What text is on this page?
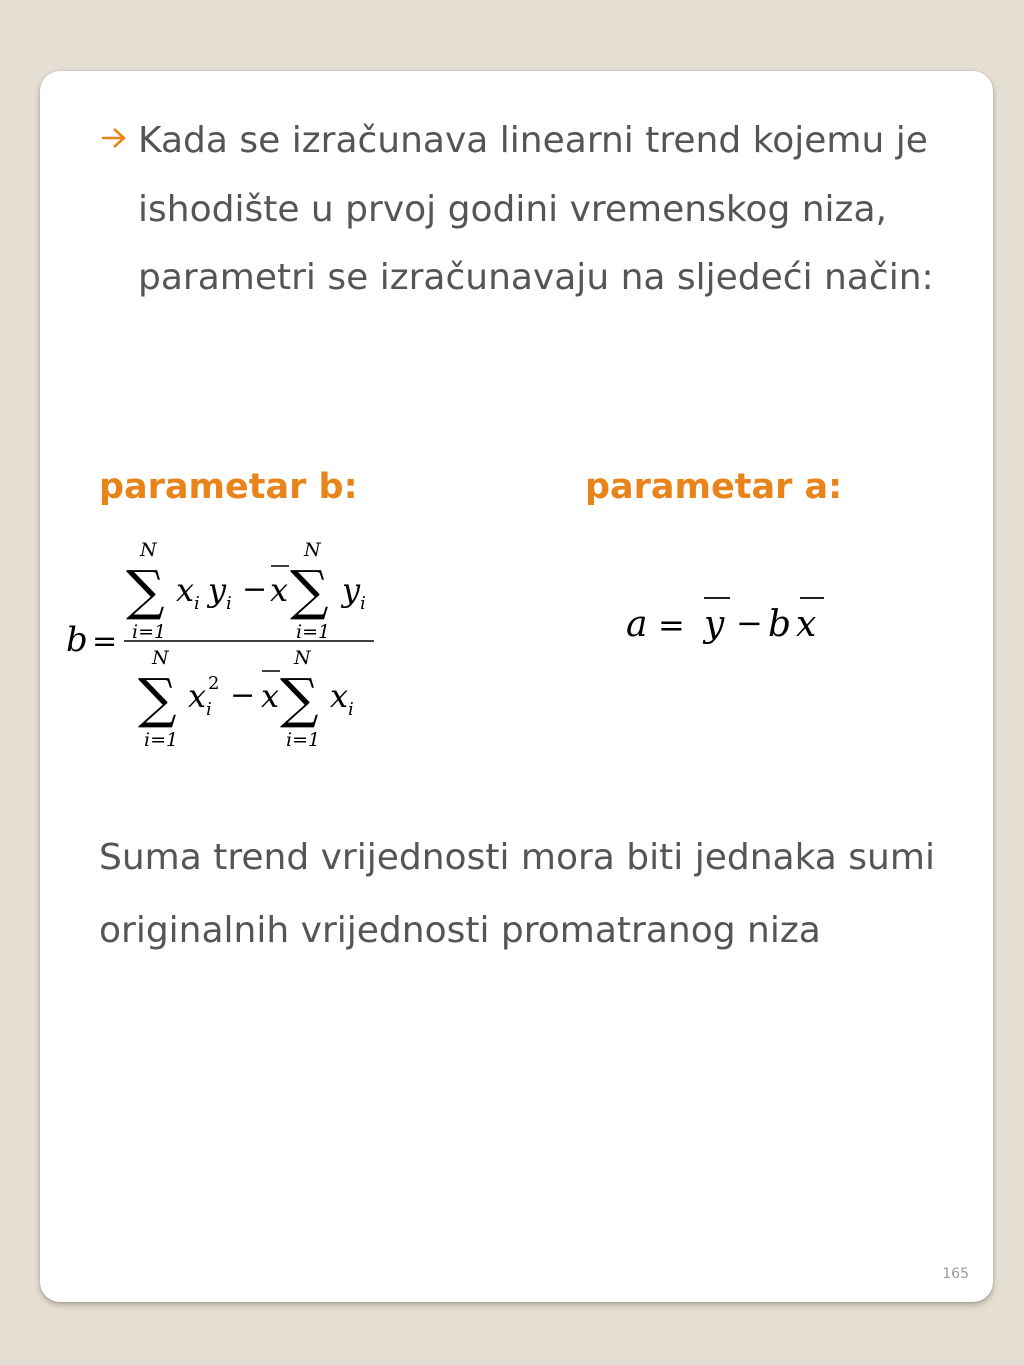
Kada se izračunava linearni trend kojemu je ishodište u prvoj godini vremenskog niza, parametri se izračunavaju na sljedeći način:
parametar b:	parametar a:
b =
N
∑
i=1
x i y i − x
N
∑
i=1
y i
N
∑
i=1
x 2
i − x
N
∑
i=1
x i
a = y − b x
Suma trend vrijednosti mora biti jednaka sumi originalnih vrijednosti promatranog niza
165
